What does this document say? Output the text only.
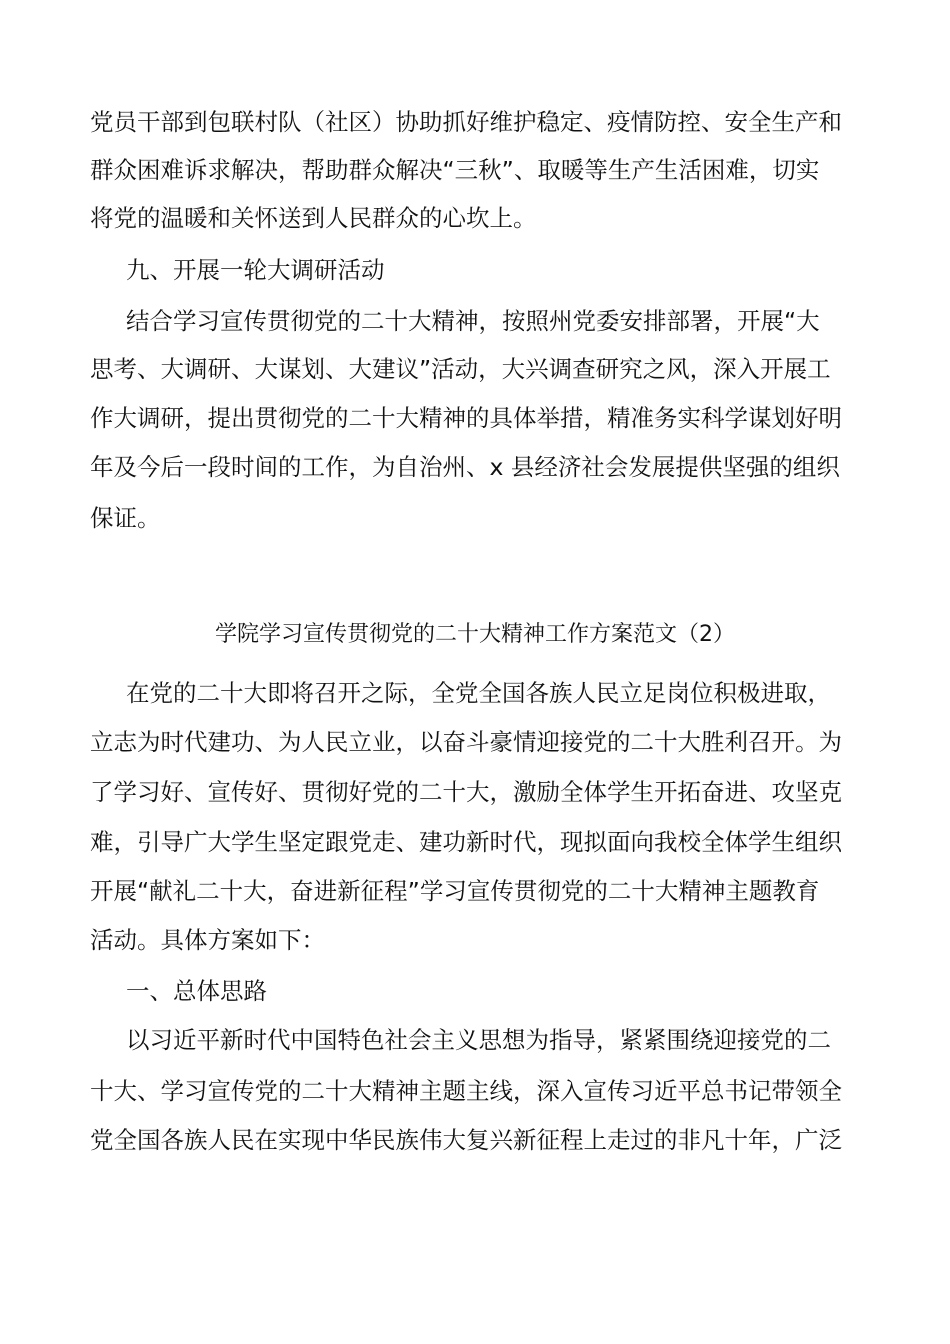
党员干部到包联村队（社区）协助抓好维护稳定、疫情防控、安全生产和
群众困难诉求解决，帮助群众解决“三秋”、取暖等生产生活困难，切实
将党的温暖和关怀送到人民群众的心坎上。
九、开展一轮大调研活动
结合学习宣传贯彻党的二十大精神，按照州党委安排部署，开展“大
思考、大调研、大谋划、大建议”活动，大兴调查研究之风，深入开展工
作大调研，提出贯彻党的二十大精神的具体举措，精准务实科学谋划好明
年及今后一段时间的工作，为自治州、x 县经济社会发展提供坚强的组织
保证。
学院学习宣传贯彻党的二十大精神工作方案范文（2）
在党的二十大即将召开之际，全党全国各族人民立足岗位积极进取，
立志为时代建功、为人民立业，以奋斗豪情迎接党的二十大胜利召开。为
了学习好、宣传好、贯彻好党的二十大，激励全体学生开拓奋进、攻坚克
难，引导广大学生坚定跟党走、建功新时代，现拟面向我校全体学生组织
开展“献礼二十大，奋进新征程”学习宣传贯彻党的二十大精神主题教育
活动。具体方案如下：
一、总体思路
以习近平新时代中国特色社会主义思想为指导，紧紧围绕迎接党的二
十大、学习宣传党的二十大精神主题主线，深入宣传习近平总书记带领全
党全国各族人民在实现中华民族伟大复兴新征程上走过的非凡十年，广泛
